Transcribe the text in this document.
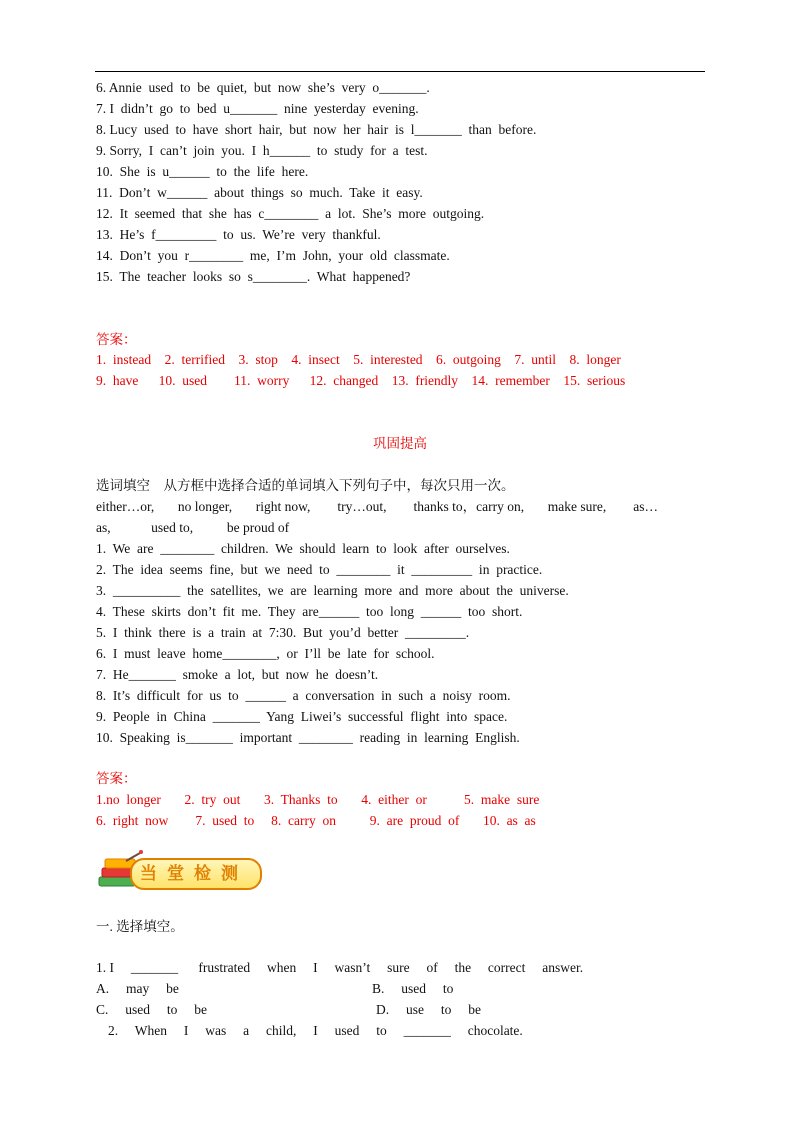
6. Annie  used  to  be  quiet,  but  now  she’s  very  o_______.
7. I  didn’t  go  to  bed  u_______  nine  yesterday  evening.
8. Lucy  used  to  have  short  hair,  but  now  her  hair  is  l_______  than  before.
9. Sorry,  I  can’t  join  you.  I  h______  to  study  for  a  test.
10.  She  is  u______  to  the  life  here.
11.  Don’t  w______  about  things  so  much.  Take  it  easy.
12.  It  seemed  that  she  has  c________  a  lot.  She’s  more  outgoing.
13.  He’s  f_________  to  us.  We’re  very  thankful.
14.  Don’t  you  r________  me,  I’m  John,  your  old  classmate.
15.  The  teacher  looks  so  s________.  What  happened?
答案：
1.  instead    2.  terrified    3.  stop    4.  insect    5.  interested    6.  outgoing    7.  until    8.  longer
9.  have      10.  used        11.  worry      12.  changed    13.  friendly    14.  remember    15.  serious
巩固提高
选词填空    从方框中选择合适的单词填入下列句子中，每次只用一次。
either…or,       no longer,       right now,        try…out,        thanks to，carry on,       make sure,        as…
as,            used to,          be proud of
1.  We  are  ________  children.  We  should  learn  to  look  after  ourselves.
2.  The  idea  seems  fine,  but  we  need  to  ________  it  _________  in  practice.
3.  __________  the  satellites,  we  are  learning  more  and  more  about  the  universe.
4.  These  skirts  don’t  fit  me.  They  are______  too  long  ______  too  short.
5.  I  think  there  is  a  train  at  7:30.  But  you’d  better  _________.
6.  I  must  leave  home________,  or  I’ll  be  late  for  school.
7.  He_______  smoke  a  lot,  but  now  he  doesn’t.
8.  It’s  difficult  for  us  to  ______  a  conversation  in  such  a  noisy  room.
9.  People  in  China  _______  Yang  Liwei’s  successful  flight  into  space.
10.  Speaking  is_______  important  ________  reading  in  learning  English.
答案：
1.no  longer       2.  try  out       3.  Thanks  to       4.  either  or           5.  make  sure
6.  right  now        7.  used  to     8.  carry  on          9.  are  proud  of       10.  as  as
当堂检测
一. 选择填空。
1. I     _______      frustrated     when     I     wasn’t     sure     of     the     correct     answer.
A.     may     be	B.     used     to
C.     used     to     be	D.     use     to     be
2.     When     I     was     a     child,     I     used     to     _______     chocolate.
